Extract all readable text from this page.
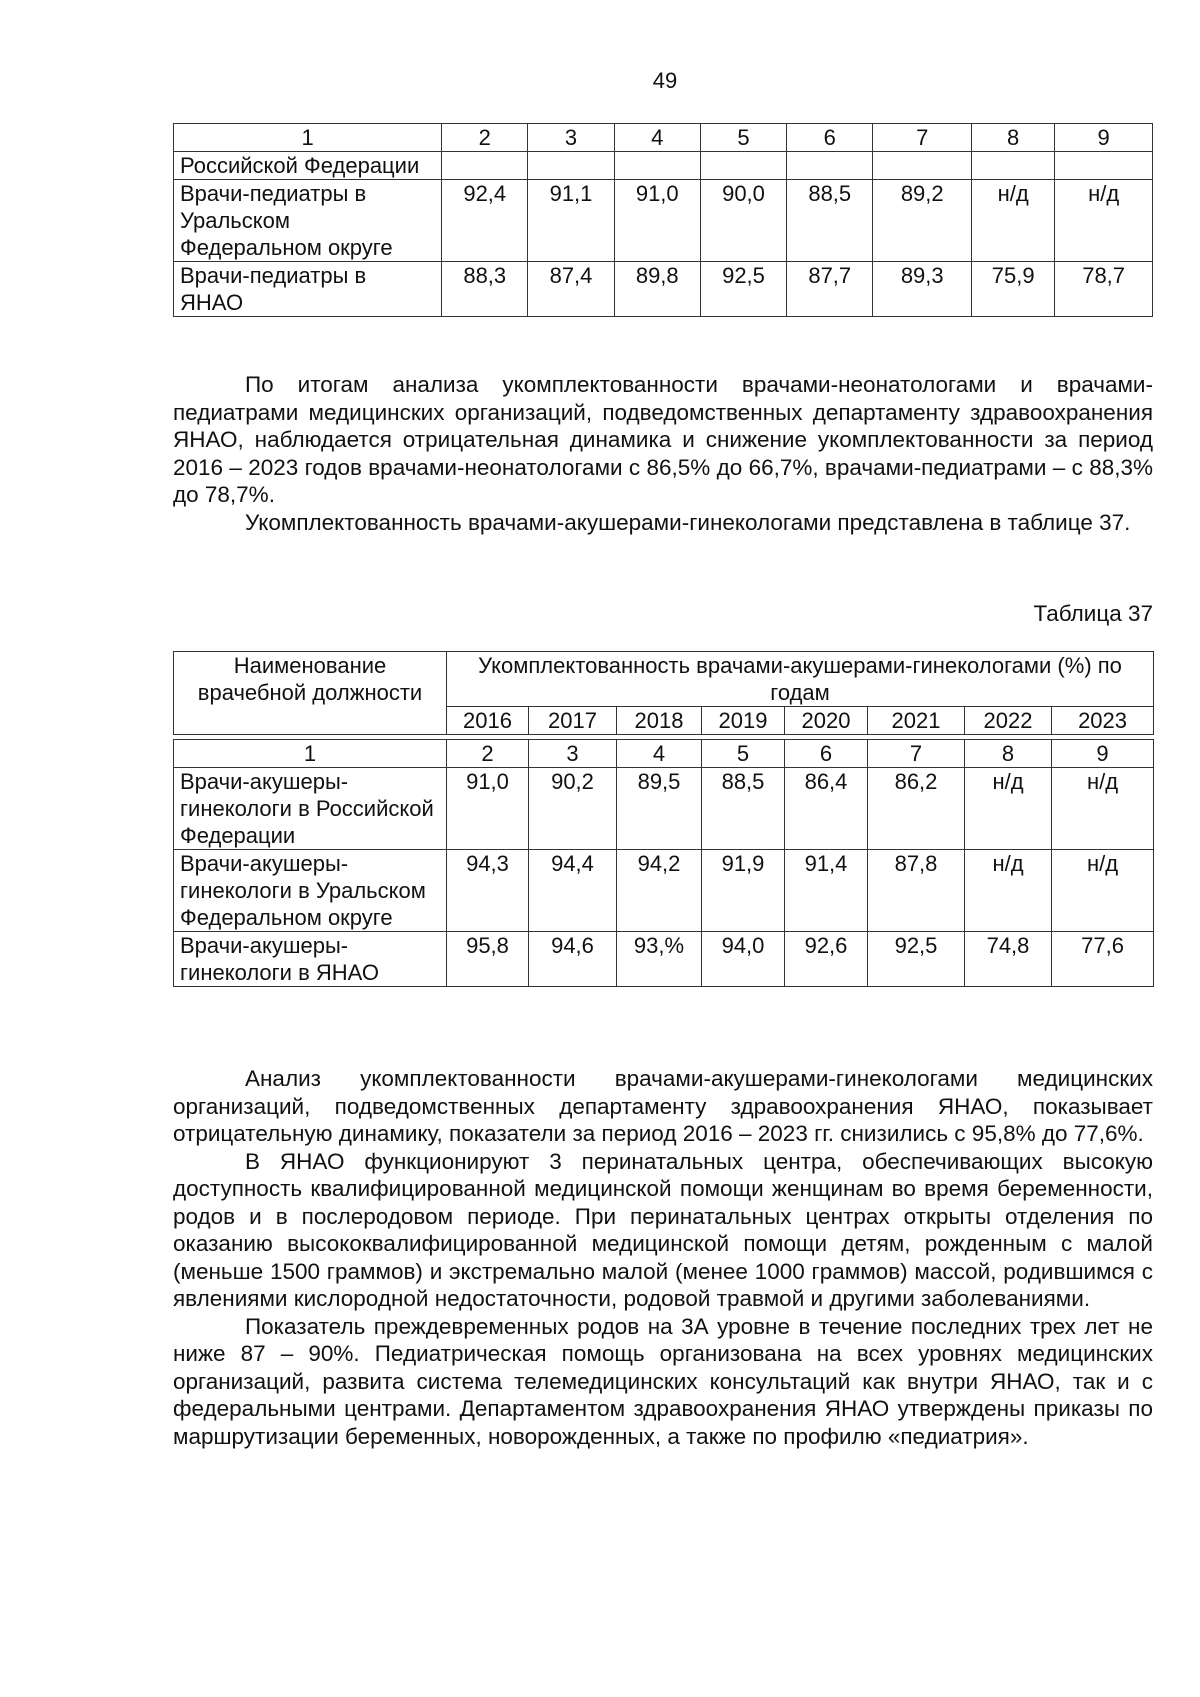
49
1	2	3	4	5	6	7	8	9
Российской Федерации								
Врачи-педиатры в Уральском Федеральном округе	92,4	91,1	91,0	90,0	88,5	89,2	н/д	н/д
Врачи-педиатры в ЯНАО	88,3	87,4	89,8	92,5	87,7	89,3	75,9	78,7

По итогам анализа укомплектованности врачами-неонатологами и врачами-педиатрами медицинских организаций, подведомственных департаменту здравоохранения ЯНАО, наблюдается отрицательная динамика и снижение укомплектованности за период 2016 – 2023 годов врачами-неонатологами с 86,5% до 66,7%, врачами-педиатрами – с 88,3% до 78,7%.

Укомплектованность врачами-акушерами-гинекологами представлена в таблице 37.

Таблица 37
Наименование врачебной должности	Укомплектованность врачами-акушерами-гинекологами (%) по годам							
	2016	2017	2018	2019	2020	2021	2022	2023

1	2	3	4	5	6	7	8	9
Врачи-акушеры-гинекологи в Российской Федерации	91,0	90,2	89,5	88,5	86,4	86,2	н/д	н/д
Врачи-акушеры-гинекологи в Уральском Федеральном округе	94,3	94,4	94,2	91,9	91,4	87,8	н/д	н/д
Врачи-акушеры-гинекологи в ЯНАО	95,8	94,6	93,%	94,0	92,6	92,5	74,8	77,6

Анализ укомплектованности врачами-акушерами-гинекологами медицинских организаций, подведомственных департаменту здравоохранения ЯНАО, показывает отрицательную динамику, показатели за период 2016 – 2023 гг. снизились с 95,8% до 77,6%.

В ЯНАО функционируют 3 перинатальных центра, обеспечивающих высокую доступность квалифицированной медицинской помощи женщинам во время беременности, родов и в послеродовом периоде. При перинатальных центрах открыты отделения по оказанию высококвалифицированной медицинской помощи детям, рожденным с малой (меньше 1500 граммов) и экстремально малой (менее 1000 граммов) массой, родившимся с явлениями кислородной недостаточности, родовой травмой и другими заболеваниями.

Показатель преждевременных родов на 3А уровне в течение последних трех лет не ниже 87 – 90%. Педиатрическая помощь организована на всех уровнях медицинских организаций, развита система телемедицинских консультаций как внутри ЯНАО, так и с федеральными центрами. Департаментом здравоохранения ЯНАО утверждены приказы по маршрутизации беременных, новорожденных, а также по профилю «педиатрия».
